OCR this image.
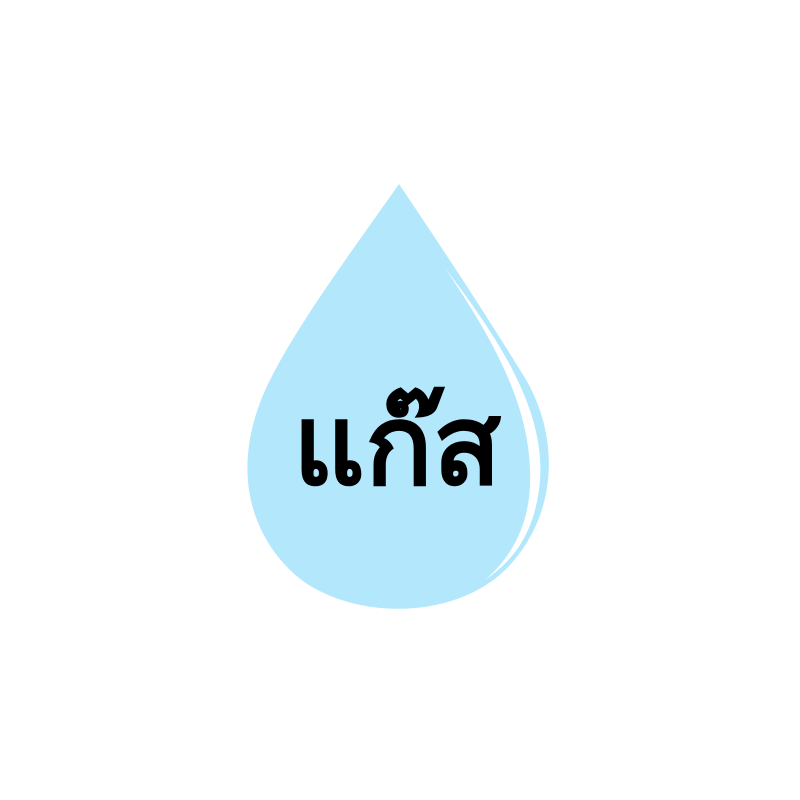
แก๊ส
